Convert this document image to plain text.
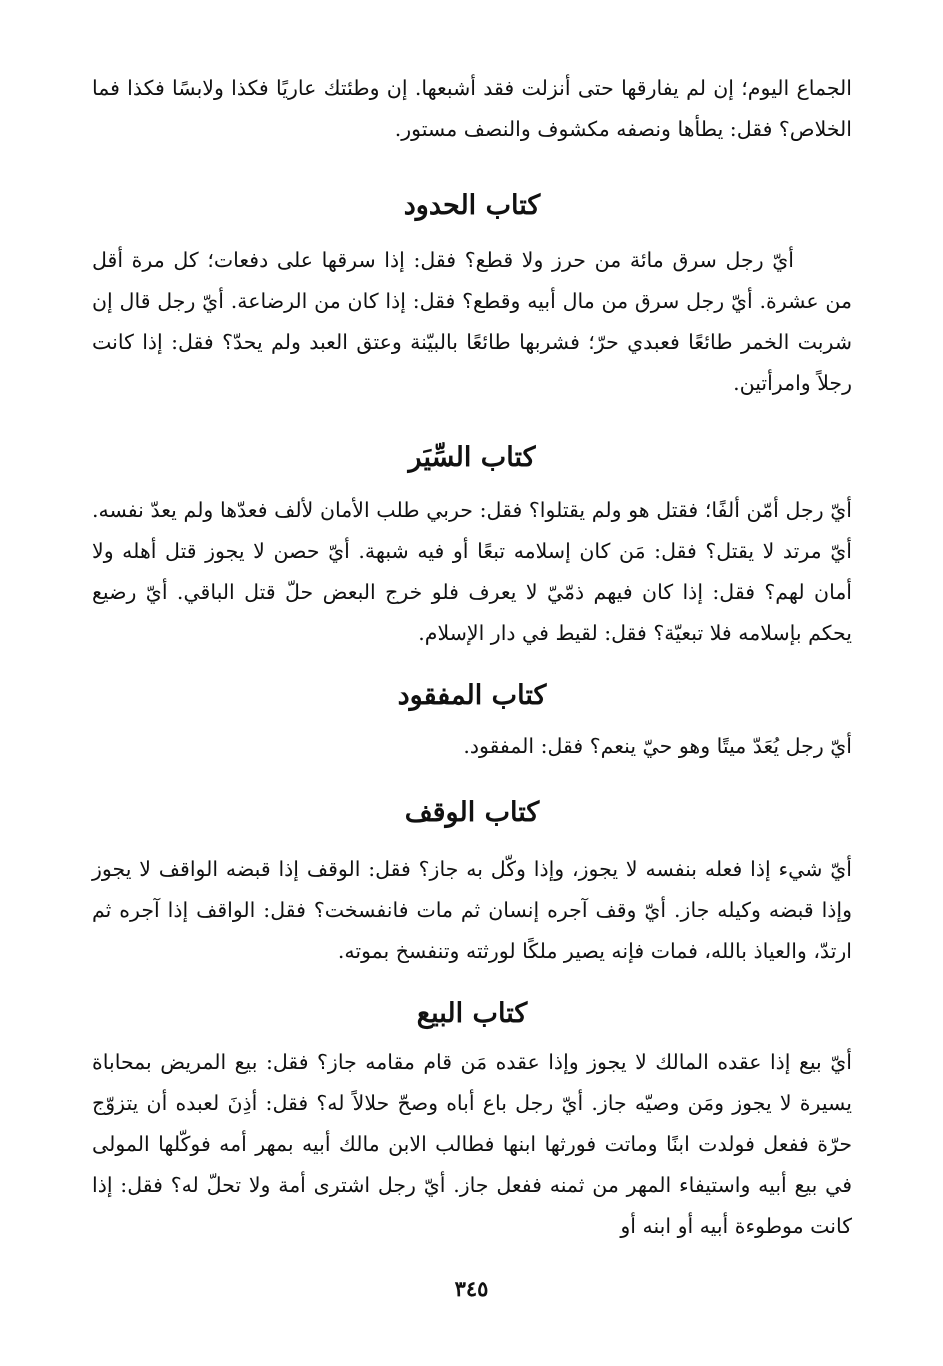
الجماع اليوم؛ إن لم يفارقها حتى أنزلت فقد أشبعها. إن وطئتك عاريًا فكذا ولابسًا فكذا فما الخلاص؟ فقل: يطأها ونصفه مكشوف والنصف مستور.

كتاب الحدود

أيّ رجل سرق مائة من حرز ولا قطع؟ فقل: إذا سرقها على دفعات؛ كل مرة أقل من عشرة. أيّ رجل سرق من مال أبيه وقطع؟ فقل: إذا كان من الرضاعة. أيّ رجل قال إن شربت الخمر طائعًا فعبدي حرّ؛ فشربها طائعًا بالبيّنة وعتق العبد ولم يحدّ؟ فقل: إذا كانت رجلاً وامرأتين.

كتاب السِّيَر

أيّ رجل أمّن ألفًا؛ فقتل هو ولم يقتلوا؟ فقل: حربي طلب الأمان لألف فعدّها ولم يعدّ نفسه. أيّ مرتد لا يقتل؟ فقل: مَن كان إسلامه تبعًا أو فيه شبهة. أيّ حصن لا يجوز قتل أهله ولا أمان لهم؟ فقل: إذا كان فيهم ذمّيّ لا يعرف فلو خرج البعض حلّ قتل الباقي. أيّ رضيع يحكم بإسلامه فلا تبعيّة؟ فقل: لقيط في دار الإسلام.

كتاب المفقود

أيّ رجل يُعَدّ ميتًا وهو حيّ ينعم؟ فقل: المفقود.

كتاب الوقف

أيّ شيء إذا فعله بنفسه لا يجوز، وإذا وكّل به جاز؟ فقل: الوقف إذا قبضه الواقف لا يجوز وإذا قبضه وكيله جاز. أيّ وقف آجره إنسان ثم مات فانفسخت؟ فقل: الواقف إذا آجره ثم ارتدّ، والعياذ بالله، فمات فإنه يصير ملكًا لورثته وتنفسخ بموته.

كتاب البيع

أيّ بيع إذا عقده المالك لا يجوز وإذا عقده مَن قام مقامه جاز؟ فقل: بيع المريض بمحاباة يسيرة لا يجوز ومَن وصيّه جاز. أيّ رجل باع أباه وصحّ حلالاً له؟ فقل: أذِنَ لعبده أن يتزوّج حرّة ففعل فولدت ابنًا وماتت فورثها ابنها فطالب الابن مالك أبيه بمهر أمه فوكّلها المولى في بيع أبيه واستيفاء المهر من ثمنه ففعل جاز. أيّ رجل اشترى أمة ولا تحلّ له؟ فقل: إذا كانت موطوءة أبيه أو ابنه أو

٣٤٥
